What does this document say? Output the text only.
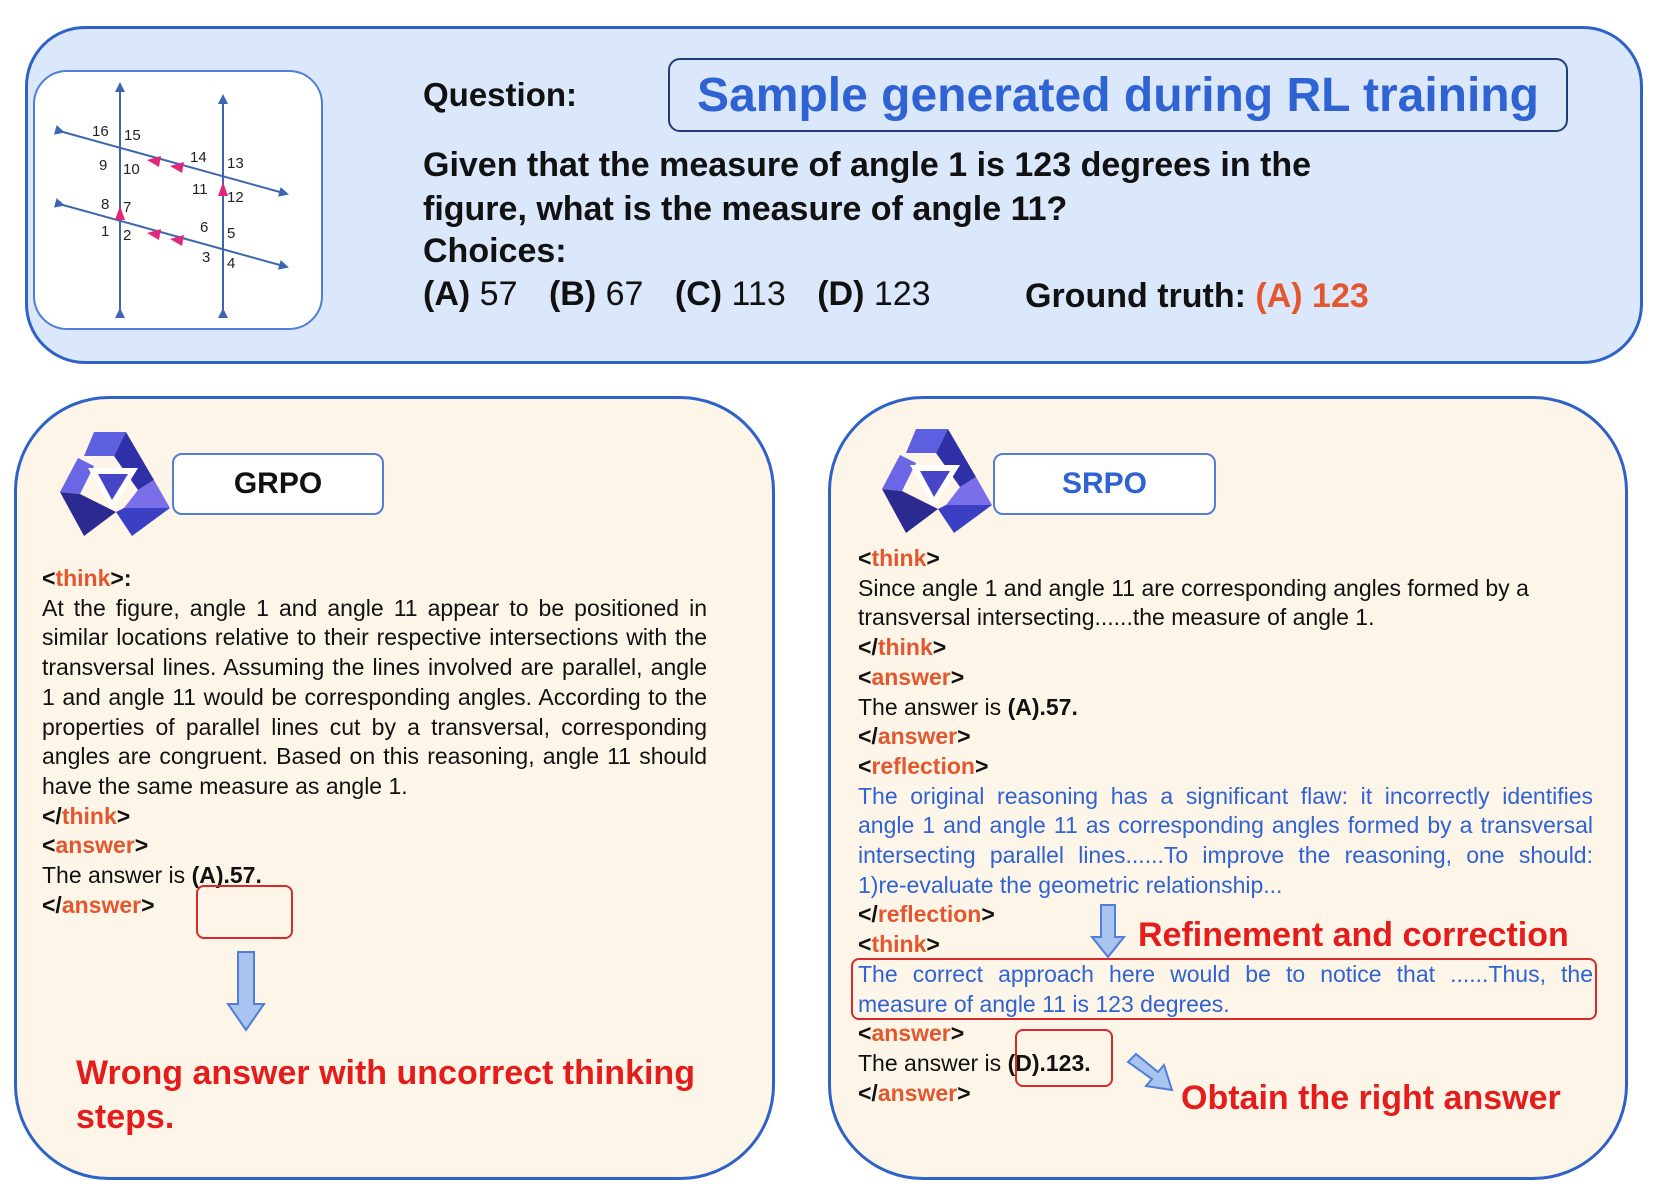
16 15
9 10
14 13
11 12
8 7
1 2	6 5
3 4
Question:	Sample generated during RL training
Given that the measure of angle 1 is 123 degrees in the figure, what is the measure of angle 11?
Choices:
(A) 57 (B) 67 (C) 113 (D) 123	Ground truth: (A) 123
GRPO
<think>:
At the figure, angle 1 and angle 11 appear to be positioned in similar locations relative to their respective intersections with the transversal lines. Assuming the lines involved are parallel, angle 1 and angle 11 would be corresponding angles. According to the properties of parallel lines cut by a transversal, corresponding angles are congruent. Based on this reasoning, angle 11 should have the same measure as angle 1.
</think>
<answer>
The answer is (A).57.
</answer>
Wrong answer with uncorrect thinking steps.
SRPO
<think>
Since angle 1 and angle 11 are corresponding angles formed by a transversal intersecting......the measure of angle 1.
</think>
<answer>
The answer is (A).57.
</answer>
<reflection>
The original reasoning has a significant flaw: it incorrectly identifies angle 1 and angle 11 as corresponding angles formed by a transversal intersecting parallel lines......To improve the reasoning, one should: 1)re-evaluate the geometric relationship...
</reflection>
<think>
The correct approach here would be to notice that ......Thus, the measure of angle 11 is 123 degrees.
<answer>
The answer is (D).123.
</answer>
Refinement and correction
Obtain the right answer
